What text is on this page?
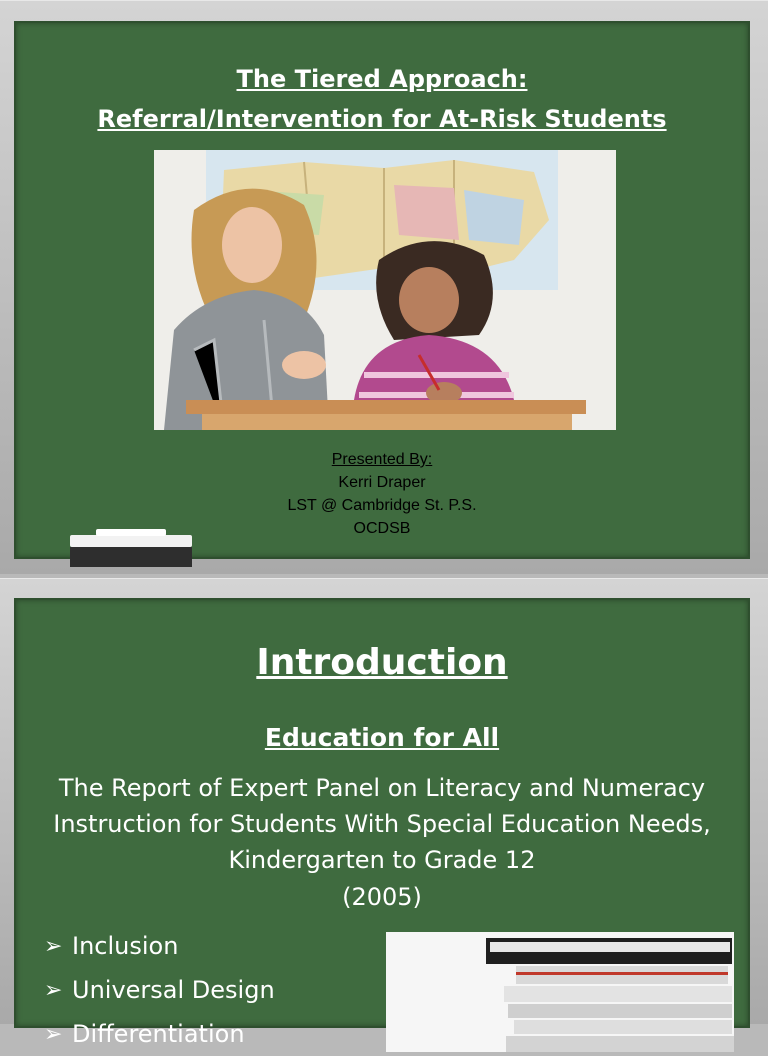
The Tiered Approach:
Referral/Intervention for At-Risk Students
Presented By:
Kerri Draper
LST @ Cambridge St. P.S.
OCDSB
Introduction
Education for All
The Report of Expert Panel on Literacy and Numeracy Instruction for Students With Special Education Needs, Kindergarten to Grade 12
(2005)
➢ Inclusion
➢ Universal Design
➢ Differentiation
